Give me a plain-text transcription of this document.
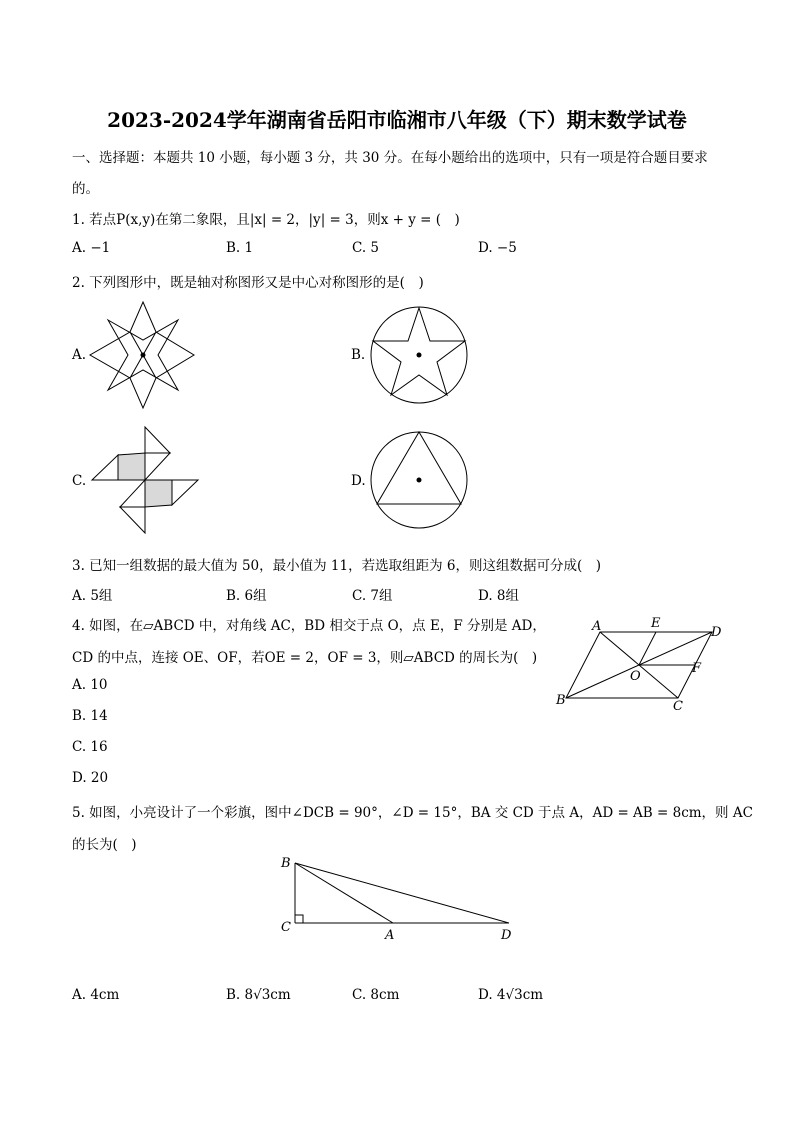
2023-2024学年湖南省岳阳市临湘市八年级（下）期末数学试卷
一、选择题：本题共 10 小题，每小题 3 分，共 30 分。在每小题给出的选项中，只有一项是符合题目要求
的。
1. 若点P(x,y)在第二象限，且|x| = 2，|y| = 3，则x + y = (　)
A. −1	B. 1	C. 5	D. −5
2. 下列图形中，既是轴对称图形又是中心对称图形的是(　)
A.	B.
C.	D.
3. 已知一组数据的最大值为 50，最小值为 11，若选取组距为 6，则这组数据可分成(　)
A. 5组	B. 6组	C. 7组	D. 8组
4. 如图，在▱ABCD 中，对角线 AC，BD 相交于点 O，点 E，F 分别是 AD，
CD 的中点，连接 OE、OF，若OE = 2，OF = 3，则▱ABCD 的周长为(　)
A. 10
B. 14
C. 16
D. 20
A	E
D
O
F
B	C
5. 如图，小亮设计了一个彩旗，图中∠DCB = 90°，∠D = 15°，BA 交 CD 于点 A，AD = AB = 8cm，则 AC
的长为(　)
B
C
A	D
A. 4cm	B. 8√3cm	C. 8cm	D. 4√3cm
